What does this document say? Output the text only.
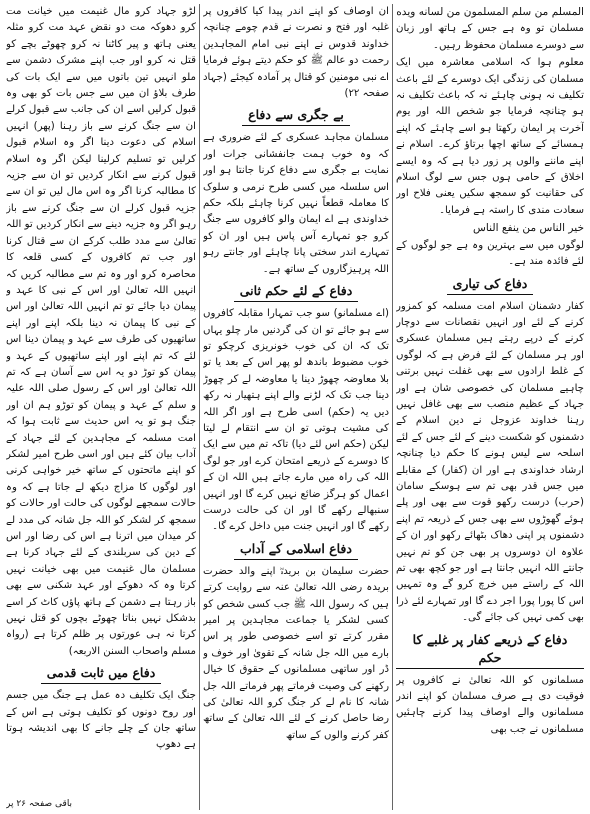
المسلم من سلم المسلمون من لسانه ويده

مسلمان تو وہ ہے جس کے ہاتھ اور زبان سے دوسرے مسلمان محفوظ رہیں۔

معلوم ہوا کہ اسلامی معاشرہ میں ایک مسلمان کی زندگی ایک دوسرے کے لئے باعث تکلیف نہ ہونی چاہئے نہ کہ باعث تکلیف نہ ہو چنانچہ فرمایا جو شخص اللہ اور یوم آخرت پر ایمان رکھتا ہو اسے چاہئے کہ اپنے ہمسائے کے ساتھ اچھا برتاؤ کرے۔ اسلام نے اپنے ماننے والوں پر زور دیا ہے کہ وہ ایسے اخلاق کے حامی ہوں جس سے لوگ اسلام کی حقانیت کو سمجھ سکیں یعنی فلاح اور سعادت مندی کا راستہ ہے فرمایا۔

خیر الناس من ینفع الناس

لوگوں میں سے بہترین وہ ہے جو لوگوں کے لئے فائدہ مند ہے۔

دفاع کی تیاری

کفار دشمنان اسلام امت مسلمہ کو کمزور کرنے کے لئے اور انہیں نقصانات سے دوچار کرنے کے درپے رہتے ہیں مسلمان عسکری اور ہر مسلمان کے لئے فرض ہے کہ لوگوں کے غلط ارادوں سے بھی غفلت نہیں برتنی چاہیے مسلمان کی خصوصی شان ہے اور جہاد کے عظیم منصب سے بھی غافل نہیں رہنا خداوند عزوجل نے دین اسلام کے دشمنوں کو شکست دینے کے لئے جس کے لئے اسلحہ سے لیس ہونے کا حکم دیا چنانچہ ارشاد خداوندی ہے اور ان (کفار) کے مقابلے میں جس قدر بھی تم سے ہوسکے سامان (حرب) درست رکھو قوت سے بھی اور پلے ہوئے گھوڑوں سے بھی جس کے ذریعہ تم اپنے دشمنوں پر اپنی دھاک بٹھائے رکھو اور ان کے علاوہ ان دوسروں پر بھی جن کو تم نہیں جانتے اللہ انہیں جانتا ہے اور جو کچھ بھی تم اللہ کے راستے میں خرچ کرو گے وہ تمہیں اس کا پورا پورا اجر دے گا اور تمہارے لئے ذرا بھی کمی نہیں کی جائے گی۔

دفاع کے ذریعے کفار پر غلبے کا حکم

مسلمانوں کو اللہ تعالیٰ نے کافروں پر فوقیت دی ہے صرف مسلمان کو اپنے اندر مسلمانوں والے اوصاف پیدا کرنے چاہئیں مسلمانوں نے جب بھی

ان اوصاف کو اپنے اندر پیدا کیا کافروں پر غلبہ اور فتح و نصرت نے قدم چومے چنانچہ خداوند قدوس نے اپنے نبی امام المجاہدین رحمت دو عالم ﷺ کو حکم دیتے ہوئے فرمایا اے نبی مومنین کو قتال پر آمادہ کیجئے (جہاد صفحہ ۲۲)

بے جگری سے دفاع

مسلمان مجاہد عسکری کے لئے ضروری ہے کہ وہ خوب ہمت جانفشانی جرات اور نمایت بے جگری سے دفاع کرنا جانتا ہو اور اس سلسلہ میں کسی طرح نرمی و سلوک کا معاملہ قطعاً نہیں کرنا چاہئے بلکہ حکم خداوندی ہے اے ایمان والو کافروں سے جنگ کرو جو تمہارے آس پاس ہیں اور ان کو تمہارے اندر سختی پانا چاہئے اور جانتے رہو اللہ پرہیزگاروں کے ساتھ ہے۔

دفاع کے لئے حکم ثانی

(اے مسلمانو) سو جب تمہارا مقابلہ کافروں سے ہو جائے تو ان کی گردنیں مار چلو یہاں تک کہ ان کی خوب خونریزی کرچکو تو خوب مضبوط باندھ لو پھر اس کے بعد یا تو بلا معاوضہ چھوڑ دینا یا معاوضہ لے کر چھوڑ دینا جب تک کہ لڑنے والے اپنے ہتھیار نہ رکھ دیں یہ (حکم) اسی طرح ہے اور اگر اللہ کی مشیت ہوتی تو ان سے انتقام لے لیتا لیکن (حکم اس لئے دیا) تاکہ تم میں سے ایک کا دوسرے کے ذریعے امتحان کرے اور جو لوگ اللہ کی راہ میں مارے جاتے ہیں اللہ ان کے اعمال کو ہرگز ضائع نہیں کرے گا اور انہیں سنبھالے رکھے گا اور ان کی حالت درست رکھے گا اور انہیں جنت میں داخل کرے گا۔

دفاع اسلامی کے آداب

حضرت سلیمان بن بریدہؓ اپنے والد حضرت بریدہ رضی اللہ تعالیٰ عنہ سے روایت کرتے ہیں کہ رسول اللہ ﷺ جب کسی شخص کو کسی لشکر یا جماعت مجاہدین پر امیر مقرر کرتے تو اسے خصوصی طور پر اس بارے میں اللہ جل شانہ کے تقویٰ اور خوف و ڈر اور ساتھی مسلمانوں کے حقوق کا خیال رکھنے کی وصیت فرماتے پھر فرماتے اللہ جل شانہ کا نام لے کر جنگ کرو اللہ تعالیٰ کی رضا حاصل کرنے کے لئے اللہ تعالیٰ کے ساتھ کفر کرنے والوں کے ساتھ

لڑو جہاد کرو مال غنیمت میں خیانت مت کرو دھوکہ مت دو نقض عہد مت کرو مثلہ یعنی ہاتھ و پیر کاٹنا نہ کرو چھوٹے بچے کو قتل نہ کرو اور جب اپنے مشرک دشمن سے ملو انہیں تین باتوں میں سے ایک بات کی طرف بلاؤ ان میں سے جس بات کو بھی وہ قبول کرلیں اسے ان کی جانب سے قبول کرلے ان سے جنگ کرنے سے باز رہنا (پھر) انہیں اسلام کی دعوت دینا اگر وہ اسلام قبول کرلیں تو تسلیم کرلینا لیکن اگر وہ اسلام قبول کرنے سے انکار کردیں تو ان سے جزیہ کا مطالبہ کرنا اگر وہ اس مال لیں تو ان سے جزیہ قبول کرلے ان سے جنگ کرنے سے باز رہو اگر وہ جزیہ دینے سے انکار کردیں تو اللہ تعالیٰ سے مدد طلب کرکے ان سے قتال کرنا اور جب تم کافروں کے کسی قلعہ کا محاصرہ کرو اور وہ تم سے مطالبہ کریں کہ انہیں اللہ تعالیٰ اور اس کے نبی کا عہد و پیمان دیا جائے تو تم انہیں اللہ تعالیٰ اور اس کے نبی کا پیمان نہ دینا بلکہ اپنے اور اپنے ساتھیوں کی طرف سے عہد و پیمان دینا اس لئے کہ تم اپنے اور اپنے ساتھیوں کے عہد و پیمان کو توڑ دو یہ اس سے آسان ہے کہ تم اللہ تعالیٰ اور اس کے رسول صلی اللہ علیہ و سلم کے عہد و پیمان کو توڑو ہم ان اور جنگ ہو تو یہ اس حدیث سے ثابت ہوا کہ امت مسلمہ کے مجاہدین کے لئے جہاد کے آداب بیان کئے ہیں اور اسی طرح امیر لشکر کو اپنے ماتحتوں کے ساتھ خیر خواہی کرنی اور لوگوں کا مزاج دیکھ لے جاتا ہے کہ وہ حالات سمجھے لوگوں کی حالت اور حالات کو سمجھ کر لشکر کو اللہ جل شانہ کی مدد لے کر میدان میں اترنا ہے اس کی رضا اور اس کے دین کی سربلندی کے لئے جہاد کرنا ہے مسلمان مال غنیمت میں بھی خیانت نہیں کرتا وہ کہ دھوکے اور عہد شکنی سے بھی باز رہتا ہے دشمن کے ہاتھ پاؤں کاٹ کر اسے بدشکل نہیں بناتا چھوٹے بچوں کو قتل نہیں کرتا نہ ہی عورتوں پر ظلم کرتا ہے (رواہ مسلم واصحاب السنن الاربعہ)

دفاع میں ثابت قدمی

جنگ ایک تکلیف دہ عمل ہے جنگ میں جسم اور روح دونوں کو تکلیف ہوتی ہے اس کے ساتھ جان کے چلے جانے کا بھی اندیشہ ہوتا ہے دھوپ

باقی صفحہ ۲۶ پر
